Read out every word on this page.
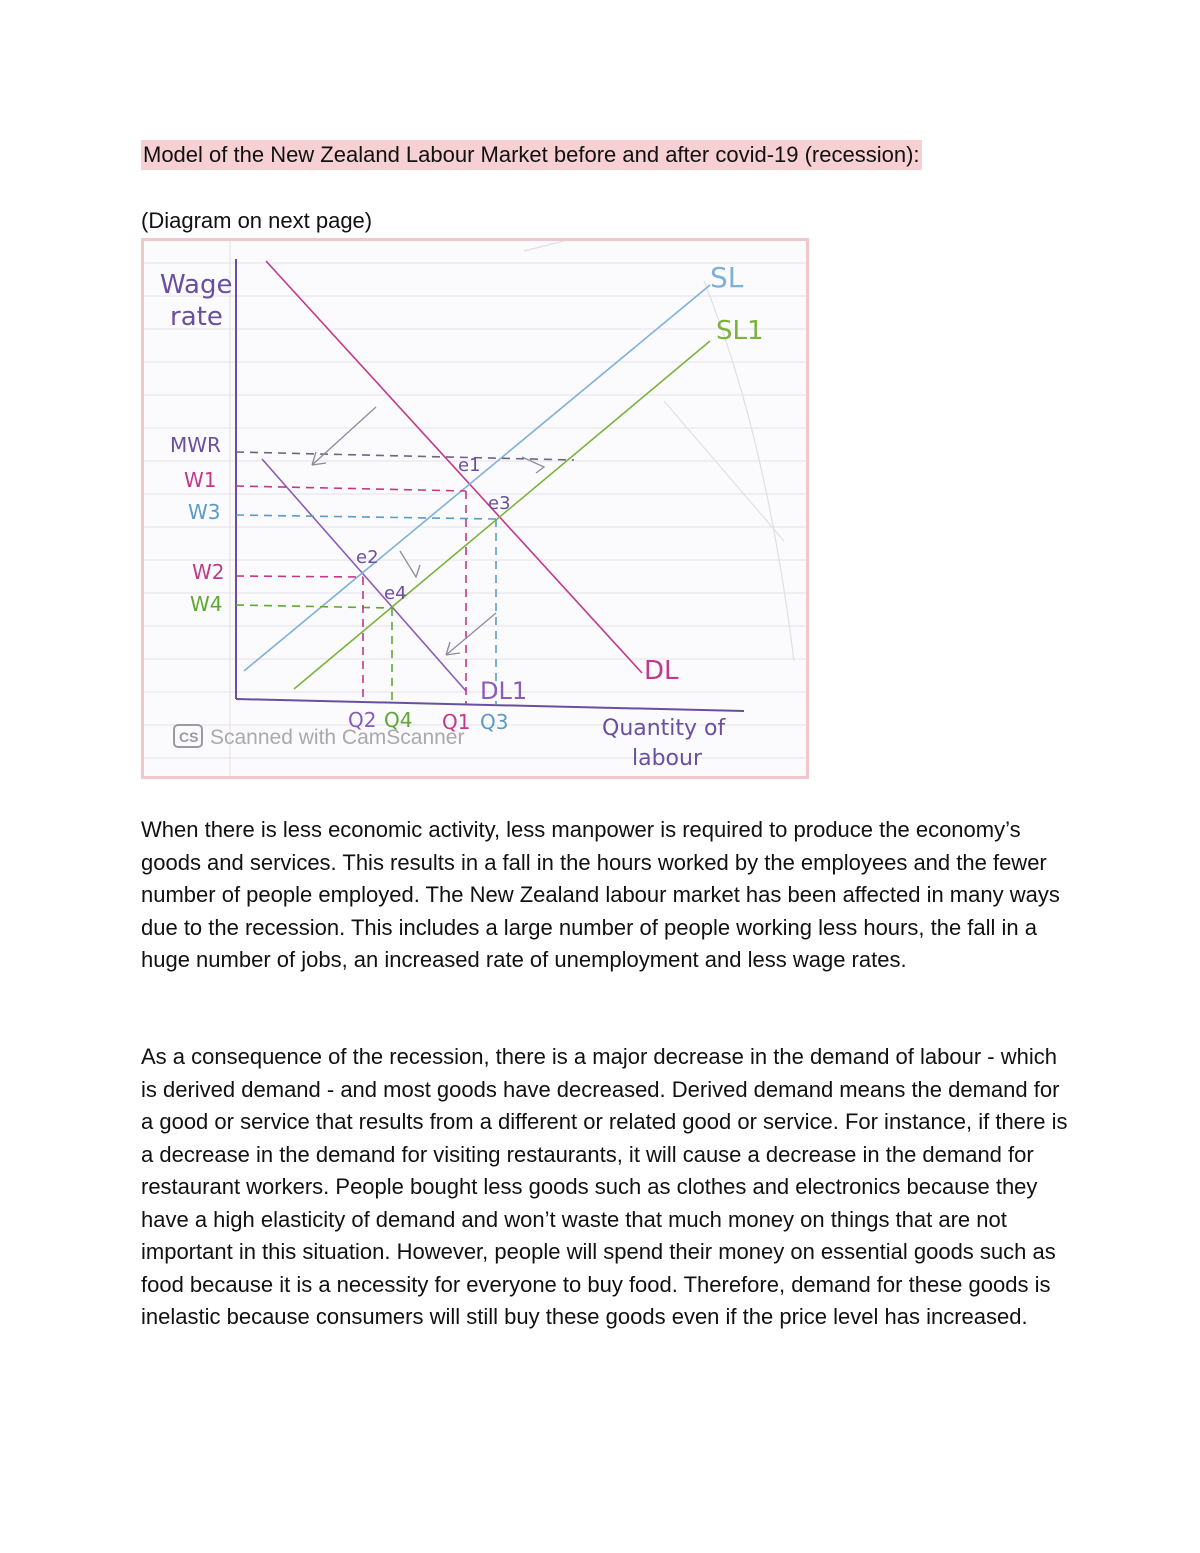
Model of the New Zealand Labour Market before and after covid-19 (recession):
(Diagram on next page)
Wage
rate
Quantity of
labour
MWR
W1
W3
W2
W4
Q2 Q4 Q1 Q3
SL
SL1
DL
DL1
e1
e2
e3
e4
CS Scanned with CamScanner

When there is less economic activity, less manpower is required to produce the economy’s goods and services. This results in a fall in the hours worked by the employees and the fewer number of people employed. The New Zealand labour market has been affected in many ways due to the recession. This includes a large number of people working less hours, the fall in a huge number of jobs, an increased rate of unemployment and less wage rates.

As a consequence of the recession, there is a major decrease in the demand of labour - which is derived demand - and most goods have decreased. Derived demand means the demand for a good or service that results from a different or related good or service. For instance, if there is a decrease in the demand for visiting restaurants, it will cause a decrease in the demand for restaurant workers. People bought less goods such as clothes and electronics because they have a high elasticity of demand and won’t waste that much money on things that are not important in this situation. However, people will spend their money on essential goods such as food because it is a necessity for everyone to buy food. Therefore, demand for these goods is inelastic because consumers will still buy these goods even if the price level has increased.
